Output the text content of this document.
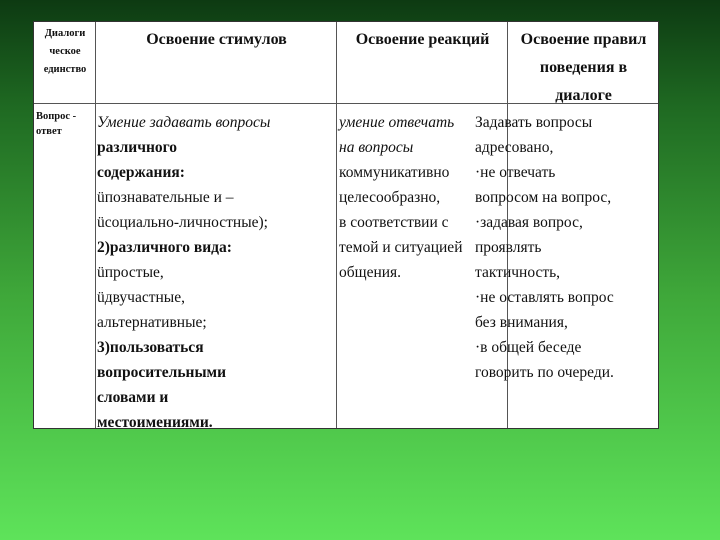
Диалоги
ческое
единство
Освоение стимулов	Освоение реакций	Освоение правил
поведения в
диалоге
Вопрос -
ответ
Умение задавать вопросы
различного
содержания:
üпознавательные и –
üсоциально-личностные);
2)различного вида:
üпростые,
üдвучастные,
альтернативные;
3)пользоваться
вопросительными
словами и
местоимениями.
умение отвечать
на вопросы
коммуникативно
целесообразно,
в соответствии с
темой и ситуацией
общения.
Задавать вопросы
адресовано,
·не отвечать
вопросом на вопрос,
·задавая вопрос,
проявлять
тактичность,
·не оставлять вопрос
без внимания,
·в общей беседе
говорить по очереди.
